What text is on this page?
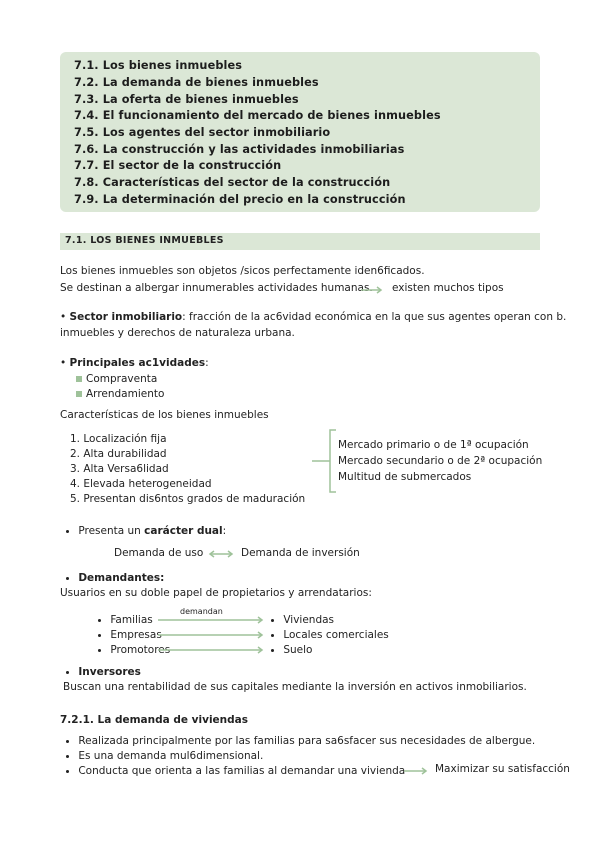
7.1. Los bienes inmuebles
7.2. La demanda de bienes inmuebles
7.3. La oferta de bienes inmuebles
7.4. El funcionamiento del mercado de bienes inmuebles
7.5. Los agentes del sector inmobiliario
7.6. La construcción y las actividades inmobiliarias
7.7. El sector de la construcción
7.8. Características del sector de la construcción
7.9. La determinación del precio en la construcción
7.1. LOS BIENES INMUEBLES
Los bienes inmuebles son objetos /sicos perfectamente iden6ficados.
Se destinan a albergar innumerables actividades humanas. existen muchos tipos
• Sector inmobiliario: fracción de la ac6vidad económica en la que sus agentes operan con b.
inmuebles y derechos de naturaleza urbana.
• Principales ac1vidades:
Compraventa
Arrendamiento
Características de los bienes inmuebles
1. Localización fija
2. Alta durabilidad
3. Alta Versa6lidad
4. Elevada heterogeneidad
5. Presentan dis6ntos grados de maduración
Mercado primario o de 1ª ocupación
Mercado secundario o de 2ª ocupación
Multitud de submercados
Presenta un carácter dual:
Demanda de uso	Demanda de inversión
Demandantes:
Usuarios en su doble papel de propietarios y arrendatarios:
demandan
Familias
Empresas
Promotores
Viviendas
Locales comerciales
Suelo
Inversores
Buscan una rentabilidad de sus capitales mediante la inversión en activos inmobiliarios.
7.2.1. La demanda de viviendas
Realizada principalmente por las familias para sa6sfacer sus necesidades de albergue.
Es una demanda mul6dimensional.
Conducta que orienta a las familias al demandar una vivienda	Maximizar su satisfacción
